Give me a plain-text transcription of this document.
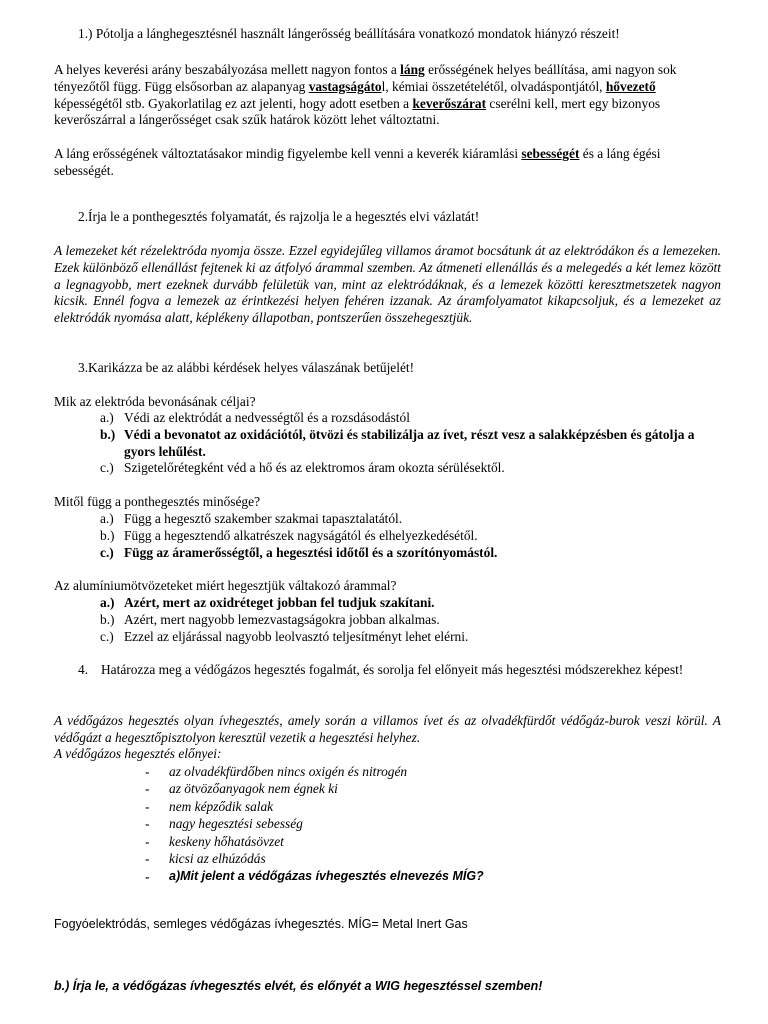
1.) Pótolja a lánghegesztésnél használt lángerősség beállítására vonatkozó mondatok hiányzó részeit!

A helyes keverési arány beszabályozása mellett nagyon fontos a láng erősségének helyes beállítása, ami nagyon sok tényezőtől függ. Függ elsősorban az alapanyag vastagságátol, kémiai összetételétől, olvadáspontjától, hővezető képességétől stb. Gyakorlatilag ez azt jelenti, hogy adott esetben a keverőszárat cserélni kell, mert egy bizonyos keverőszárral a lángerősséget csak szűk határok között lehet változtatni.

A láng erősségének változtatásakor mindig figyelembe kell venni a keverék kiáramlási sebességét és a láng égési sebességét.

2.Írja le a ponthegesztés folyamatát, és rajzolja le a hegesztés elvi vázlatát!

A lemezeket két rézelektróda nyomja össze. Ezzel egyidejűleg villamos áramot bocsátunk át az elektródákon és a lemezeken. Ezek különböző ellenállást fejtenek ki az átfolyó árammal szemben. Az átmeneti ellenállás és a melegedés a két lemez között a legnagyobb, mert ezeknek durvább felületük van, mint az elektródáknak, és a lemezek közötti keresztmetszetek nagyon kicsik. Ennél fogva a lemezek az érintkezési helyen fehéren izzanak. Az áramfolyamatot kikapcsoljuk, és a lemezeket az elektródák nyomása alatt, képlékeny állapotban, pontszerűen összehegesztjük.

3.Karikázza be az alábbi kérdések helyes válaszának betűjelét!

Mik az elektróda bevonásának céljai?

a.) Védi az elektródát a nedvességtől és a rozsdásodástól
b.) Védi a bevonatot az oxidációtól, ötvözi és stabilizálja az ívet, részt vesz a salakképzésben és gátolja a gyors lehűlést.
c.) Szigetelőrétegként véd a hő és az elektromos áram okozta sérülésektől.

Mitől függ a ponthegesztés minősége?

a.) Függ a hegesztő szakember szakmai tapasztalatától.
b.) Függ a hegesztendő alkatrészek nagyságától és elhelyezkedésétől.
c.) Függ az áramerősségtől, a hegesztési időtől és a szorítónyomástól.

Az alumíniumötvözeteket miért hegesztjük váltakozó árammal?

a.) Azért, mert az oxidréteget jobban fel tudjuk szakítani.
b.) Azért, mert nagyobb lemezvastagságokra jobban alkalmas.
c.) Ezzel az eljárással nagyobb leolvasztó teljesítményt lehet elérni.
4. Határozza meg a védőgázos hegesztés fogalmát, és sorolja fel előnyeit más hegesztési módszerekhez képest!

A védőgázos hegesztés olyan ívhegesztés, amely során a villamos ívet és az olvadékfürdőt védőgáz-burok veszi körül. A védőgázt a hegesztőpisztolyon keresztül vezetik a hegesztési helyhez.

A védőgázos hegesztés előnyei:

-	az olvadékfürdőben nincs oxigén és nitrogén
-	az ötvözőanyagok nem égnek ki
-	nem képződik salak
-	nagy hegesztési sebesség
-	keskeny hőhatásövzet
-	kicsi az elhúzódás
-	a)Mit jelent a védőgázas ívhegesztés elnevezés MÍG?

Fogyóelektródás, semleges védőgázas ívhegesztés. MÍG= Metal Inert Gas

b.) Írja le, a védőgázas ívhegesztés elvét, és előnyét a WIG hegesztéssel szemben!
